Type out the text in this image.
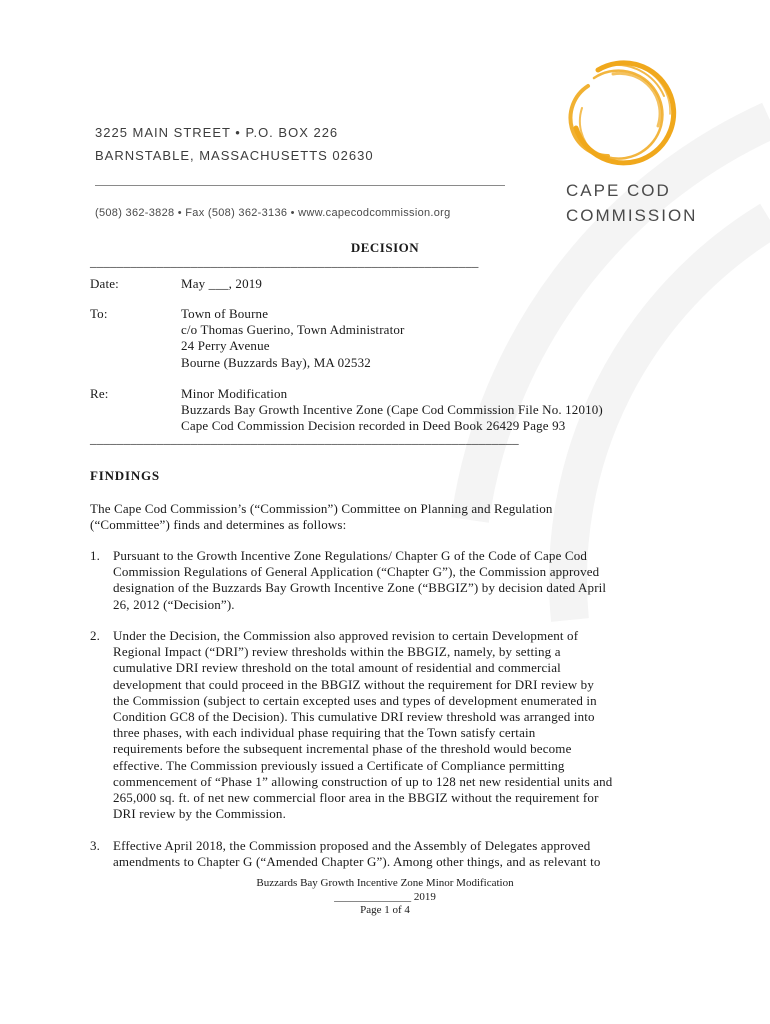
3225 MAIN STREET • P.O. BOX 226
BARNSTABLE, MASSACHUSETTS 02630
(508) 362-3828 • Fax (508) 362-3136 • www.capecodcommission.org
CAPE COD
COMMISSION
DECISION
__________________________________________________________
Date:	May ___, 2019
To:	Town of Bourne
c/o Thomas Guerino, Town Administrator
24 Perry Avenue
Bourne (Buzzards Bay), MA 02532
Re:	Minor Modification
Buzzards Bay Growth Incentive Zone (Cape Cod Commission File No. 12010)
Cape Cod Commission Decision recorded in Deed Book 26429 Page 93
________________________________________________________________
FINDINGS
The Cape Cod Commission’s (“Commission”) Committee on Planning and Regulation
(“Committee”) finds and determines as follows:
1. Pursuant to the Growth Incentive Zone Regulations/ Chapter G of the Code of Cape Cod
Commission Regulations of General Application (“Chapter G”), the Commission approved
designation of the Buzzards Bay Growth Incentive Zone (“BBGIZ”) by decision dated April
26, 2012 (“Decision”).
2. Under the Decision, the Commission also approved revision to certain Development of
Regional Impact (“DRI”) review thresholds within the BBGIZ, namely, by setting a
cumulative DRI review threshold on the total amount of residential and commercial
development that could proceed in the BBGIZ without the requirement for DRI review by
the Commission (subject to certain excepted uses and types of development enumerated in
Condition GC8 of the Decision). This cumulative DRI review threshold was arranged into
three phases, with each individual phase requiring that the Town satisfy certain
requirements before the subsequent incremental phase of the threshold would become
effective. The Commission previously issued a Certificate of Compliance permitting
commencement of “Phase 1” allowing construction of up to 128 net new residential units and
265,000 sq. ft. of net new commercial floor area in the BBGIZ without the requirement for
DRI review by the Commission.
3. Effective April 2018, the Commission proposed and the Assembly of Delegates approved
amendments to Chapter G (“Amended Chapter G”). Among other things, and as relevant to
Buzzards Bay Growth Incentive Zone Minor Modification
______________ 2019
Page 1 of 4
